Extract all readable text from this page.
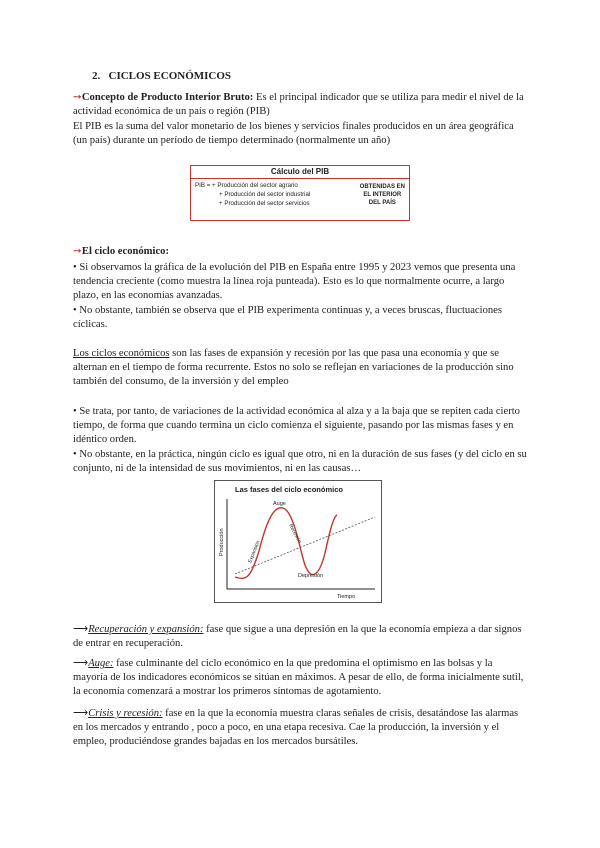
2. CICLOS ECONÓMICOS

➙Concepto de Producto Interior Bruto: Es el principal indicador que se utiliza para medir el nivel de la actividad económica de un país o región (PIB)

El PIB es la suma del valor monetario de los bienes y servicios finales producidos en un área geográfica (un país) durante un período de tiempo determinado (normalmente un año)

Cálculo del PIB
PIB = + Producción del sector agrario
+ Producción del sector industrial
+ Producción del sector servicios
OBTENIDAS EN
EL INTERIOR
DEL PAÍS

➙El ciclo económico:

• Si observamos la gráfica de la evolución del PIB en España entre 1995 y 2023 vemos que presenta una tendencia creciente (como muestra la línea roja punteada). Esto es lo que normalmente ocurre, a largo plazo, en las economías avanzadas.

• No obstante, también se observa que el PIB experimenta continuas y, a veces bruscas, fluctuaciones cíclicas.

Los ciclos económicos son las fases de expansión y recesión por las que pasa una economía y que se alternan en el tiempo de forma recurrente. Estos no solo se reflejan en variaciones de la producción sino también del consumo, de la inversión y del empleo

• Se trata, por tanto, de variaciones de la actividad económica al alza y a la baja que se repiten cada cierto tiempo, de forma que cuando termina un ciclo comienza el siguiente, pasando por las mismas fases y en idéntico orden.

• No obstante, en la práctica, ningún ciclo es igual que otro, ni en la duración de sus fases (y del ciclo en su conjunto, ni de la intensidad de sus movimientos, ni en las causas…

Las fases del ciclo económico
Producción
Tiempo
Auge
Expansión
Recesión
Depresión

⟶Recuperación y expansión: fase que sigue a una depresión en la que la economía empieza a dar signos de entrar en recuperación.

⟶Auge: fase culminante del ciclo económico en la que predomina el optimismo en las bolsas y la mayoría de los indicadores económicos se sitúan en máximos. A pesar de ello, de forma inicialmente sutil, la economía comenzará a mostrar los primeros síntomas de agotamiento.

⟶Crisis y recesión: fase en la que la economía muestra claras señales de crisis, desatándose las alarmas en los mercados y entrando , poco a poco, en una etapa recesiva. Cae la producción, la inversión y el empleo, produciéndose grandes bajadas en los mercados bursátiles.
